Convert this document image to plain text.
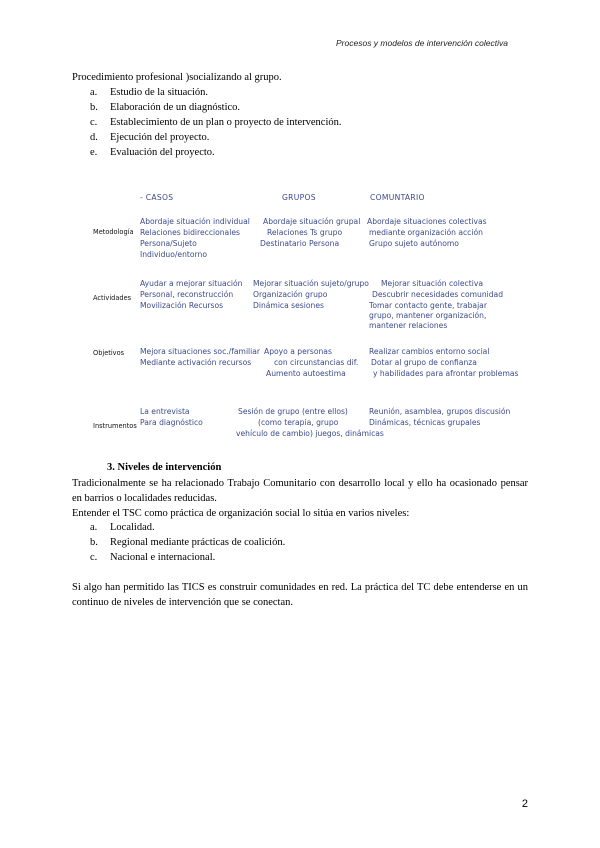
Procesos y modelos de intervención colectiva
Procedimiento profesional )socializando al grupo.
a. Estudio de la situación.
b. Elaboración de un diagnóstico.
c. Establecimiento de un plan o proyecto de intervención.
d. Ejecución del proyecto.
e. Evaluación del proyecto.
- CASOS	GRUPOS	COMUNTARIO
Metodología
Abordaje situación individual
Relaciones bidireccionales
Persona/Sujeto
Individuo/entorno
Abordaje situación grupal
Relaciones Ts grupo
Destinatario Persona
Abordaje situaciones colectivas
mediante organización acción
Grupo sujeto autónomo
Actividades
Ayudar a mejorar situación
Personal, reconstrucción
Movilización Recursos
Mejorar situación sujeto/grupo
Organización grupo
Dinámica sesiones
Mejorar situación colectiva
Descubrir necesidades comunidad
Tomar contacto gente, trabajar
grupo, mantener organización,
mantener relaciones
Objetivos Mejora situaciones soc./familiar
Mediante activación recursos
Apoyo a personas
con circunstancias dif.
Aumento autoestima
Realizar cambios entorno social
Dotar al grupo de confianza
y habilidades para afrontar problemas
Instrumentos
La entrevista
Para diagnóstico
Sesión de grupo (entre ellos)
(como terapia, grupo
vehículo de cambio) juegos, dinámicas
Reunión, asamblea, grupos discusión
Dinámicas, técnicas grupales
3. Niveles de intervención
Tradicionalmente se ha relacionado Trabajo Comunitario con desarrollo local y ello ha ocasionado pensar en barrios o localidades reducidas.
Entender el TSC como práctica de organización social lo sitúa en varios niveles:
a. Localidad.
b. Regional mediante prácticas de coalición.
c. Nacional e internacional.
Si algo han permitido las TICS es construir comunidades en red. La práctica del TC debe entenderse en un continuo de niveles de intervención que se conectan.
2
